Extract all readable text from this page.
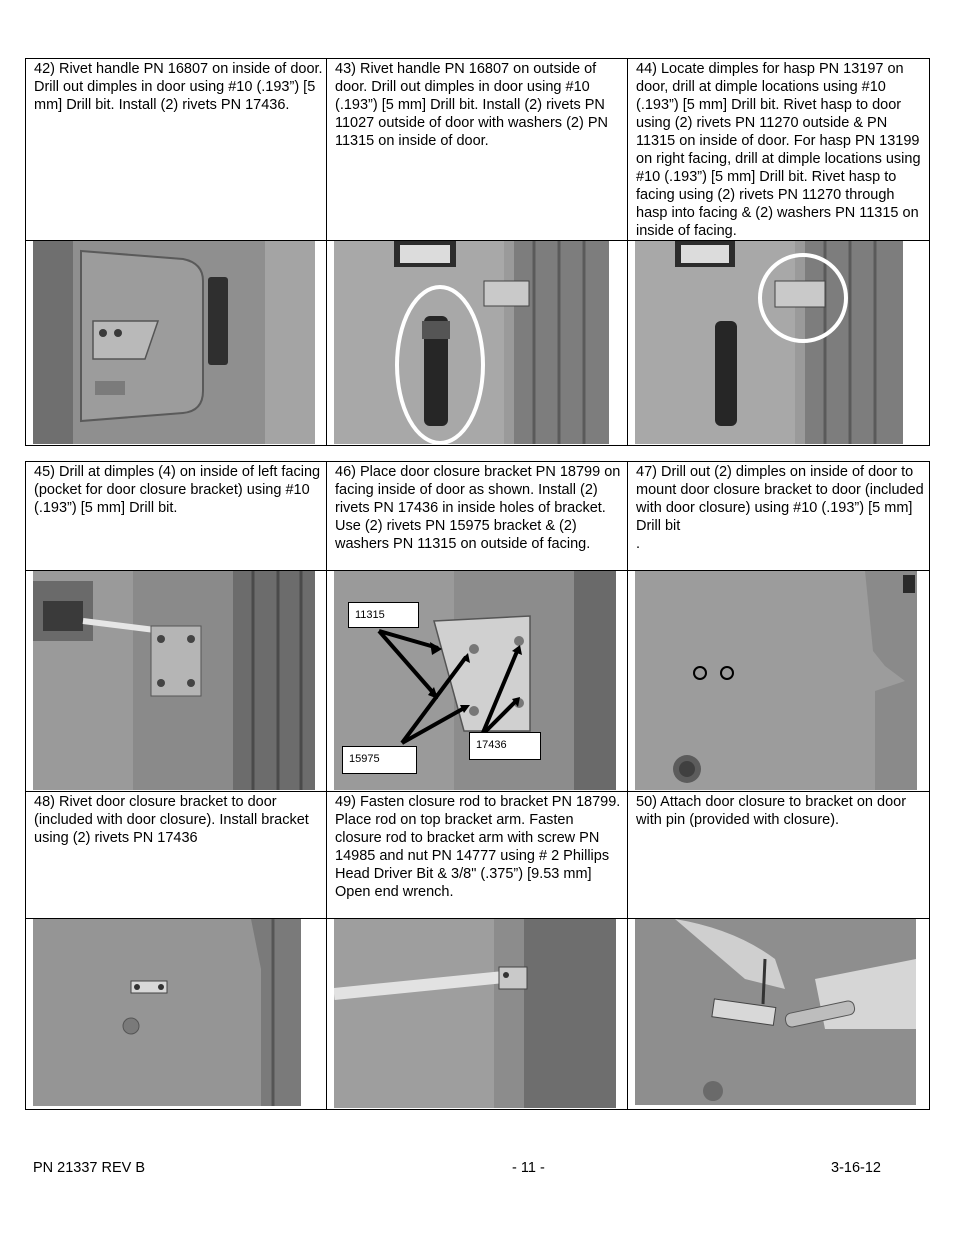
42) Rivet handle PN 16807 on inside of door. Drill out dimples in door using #10 (.193”) [5 mm] Drill bit. Install (2) rivets PN 17436.	43) Rivet handle PN 16807 on outside of door. Drill out dimples in door using #10 (.193”) [5 mm] Drill bit. Install (2) rivets PN 11027 outside of door with washers (2) PN 11315 on inside of door.	44) Locate dimples for hasp PN 13197 on door, drill at dimple locations using #10 (.193”) [5 mm] Drill bit. Rivet hasp to door using (2) rivets PN 11270 outside & PN 11315 on inside of door. For hasp PN 13199 on right facing, drill at dimple locations using #10 (.193”) [5 mm] Drill bit. Rivet hasp to facing using (2) rivets PN 11270 through hasp into facing & (2) washers PN 11315 on inside of facing.

45) Drill at dimples (4) on inside of left facing (pocket for door closure bracket) using #10 (.193”) [5 mm] Drill bit.	46) Place door closure bracket PN 18799 on facing inside of door as shown. Install (2) rivets PN 17436 in inside holes of bracket. Use (2) rivets PN 15975 bracket & (2) washers PN 11315 on outside of facing.	47) Drill out (2) dimples on inside of door to mount door closure bracket to door (included with door closure) using #10 (.193”) [5 mm] Drill bit
.

11315
15975
17436

48) Rivet door closure bracket to door (included with door closure). Install bracket using (2) rivets PN 17436	49) Fasten closure rod to bracket PN 18799. Place rod on top bracket arm. Fasten closure rod to bracket arm with screw PN 14985 and nut PN 14777 using # 2 Phillips Head Driver Bit & 3/8" (.375”) [9.53 mm] Open end wrench.	50) Attach door closure to bracket on door with pin (provided with closure).

PN 21337 REV B	- 11 -	3-16-12
